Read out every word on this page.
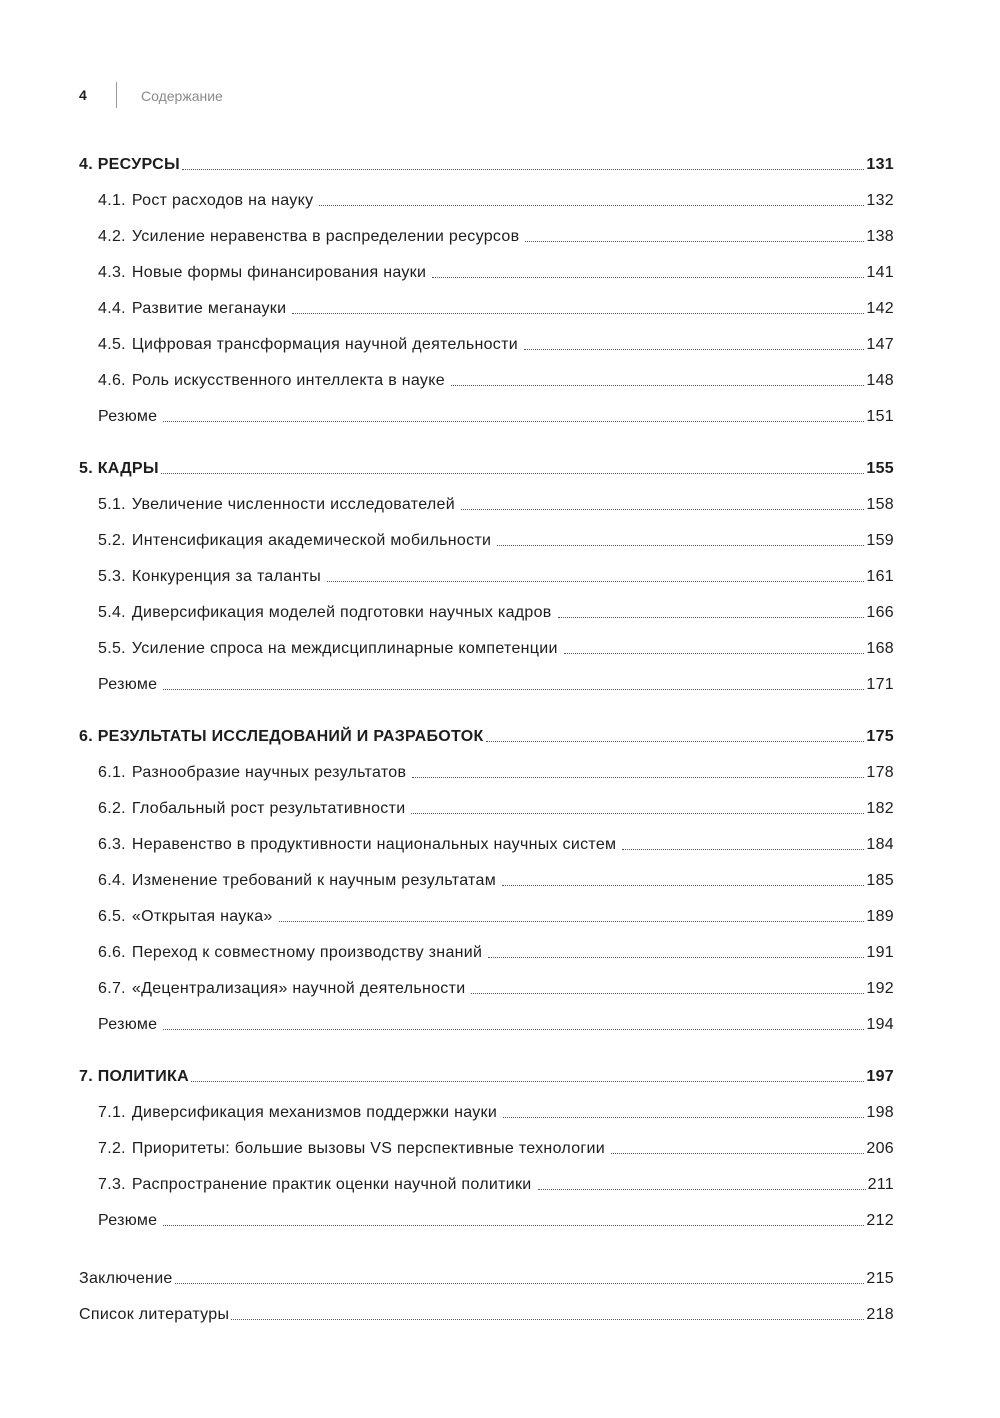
4	Содержание
4. РЕСУРСЫ	131
4.1. Рост расходов на науку	132
4.2. Усиление неравенства в распределении ресурсов	138
4.3. Новые формы финансирования науки	141
4.4. Развитие меганауки	142
4.5. Цифровая трансформация научной деятельности	147
4.6. Роль искусственного интеллекта в науке	148
Резюме	151
5. КАДРЫ	155
5.1. Увеличение численности исследователей	158
5.2. Интенсификация академической мобильности	159
5.3. Конкуренция за таланты	161
5.4. Диверсификация моделей подготовки научных кадров	166
5.5. Усиление спроса на междисциплинарные компетенции	168
Резюме	171
6. РЕЗУЛЬТАТЫ ИССЛЕДОВАНИЙ И РАЗРАБОТОК	175
6.1. Разнообразие научных результатов	178
6.2. Глобальный рост результативности	182
6.3. Неравенство в продуктивности национальных научных систем	184
6.4. Изменение требований к научным результатам	185
6.5. «Открытая наука»	189
6.6. Переход к совместному производству знаний	191
6.7. «Децентрализация» научной деятельности	192
Резюме	194
7. ПОЛИТИКА	197
7.1. Диверсификация механизмов поддержки науки	198
7.2. Приоритеты: большие вызовы VS перспективные технологии	206
7.3. Распространение практик оценки научной политики	211
Резюме	212
Заключение	215
Список литературы	218
